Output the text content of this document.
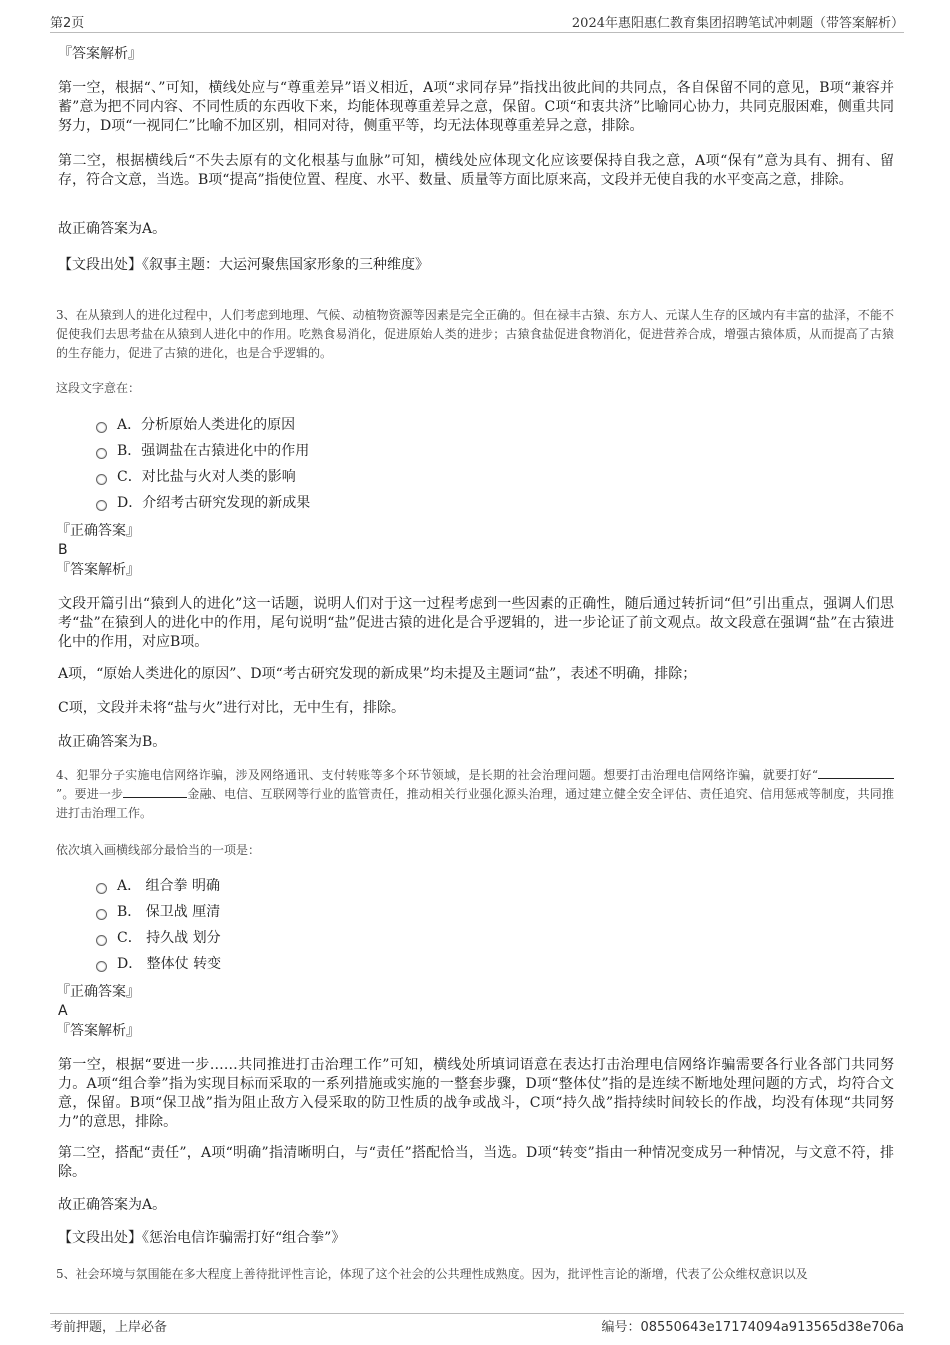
第2页	2024年惠阳惠仁教育集团招聘笔试冲刺题（带答案解析）
『答案解析』

第一空，根据“、”可知，横线处应与“尊重差异”语义相近，A项“求同存异”指找出彼此间的共同点，各自保留不同的意见，B项“兼容并蓄”意为把不同内容、不同性质的东西收下来，均能体现尊重差异之意，保留。C项“和衷共济”比喻同心协力，共同克服困难，侧重共同努力，D项“一视同仁”比喻不加区别，相同对待，侧重平等，均无法体现尊重差异之意，排除。

第二空，根据横线后“不失去原有的文化根基与血脉”可知，横线处应体现文化应该要保持自我之意，A项“保有”意为具有、拥有、留存，符合文意，当选。B项“提高”指使位置、程度、水平、数量、质量等方面比原来高，文段并无使自我的水平变高之意，排除。

故正确答案为A。
【文段出处】《叙事主题：大运河聚焦国家形象的三种维度》

3、在从猿到人的进化过程中，人们考虑到地理、气候、动植物资源等因素是完全正确的。但在禄丰古猿、东方人、元谋人生存的区域内有丰富的盐泽，不能不促使我们去思考盐在从猿到人进化中的作用。吃熟食易消化，促进原始人类的进步；古猿食盐促进食物消化，促进营养合成，增强古猿体质，从而提高了古猿的生存能力，促进了古猿的进化，也是合乎逻辑的。

这段文字意在：
A．分析原始人类进化的原因
B．强调盐在古猿进化中的作用
C．对比盐与火对人类的影响
D．介绍考古研究发现的新成果
『正确答案』
B
『答案解析』

文段开篇引出“猿到人的进化”这一话题，说明人们对于这一过程考虑到一些因素的正确性，随后通过转折词“但”引出重点，强调人们思考“盐”在猿到人的进化中的作用，尾句说明“盐”促进古猿的进化是合乎逻辑的，进一步论证了前文观点。故文段意在强调“盐”在古猿进化中的作用，对应B项。

A项，“原始人类进化的原因”、D项“考古研究发现的新成果”均未提及主题词“盐”，表述不明确，排除；

C项，文段并未将“盐与火”进行对比，无中生有，排除。

故正确答案为B。

4、犯罪分子实施电信网络诈骗，涉及网络通讯、支付转账等多个环节领域，是长期的社会治理问题。想要打击治理电信网络诈骗，就要打好“”。要进一步	金融、电信、互联网等行业的监管责任，推动相关行业强化源头治理，通过建立健全安全评估、责任追究、信用惩戒等制度，共同推进打击治理工作。

依次填入画横线部分最恰当的一项是：
A． 组合拳 明确
B． 保卫战 厘清
C． 持久战 划分
D． 整体仗 转变
『正确答案』
A
『答案解析』

第一空，根据“要进一步……共同推进打击治理工作”可知，横线处所填词语意在表达打击治理电信网络诈骗需要各行业各部门共同努力。A项“组合拳”指为实现目标而采取的一系列措施或实施的一整套步骤，D项“整体仗”指的是连续不断地处理问题的方式，均符合文意，保留。B项“保卫战”指为阻止敌方入侵采取的防卫性质的战争或战斗，C项“持久战”指持续时间较长的作战，均没有体现“共同努力”的意思，排除。

第二空，搭配“责任”，A项“明确”指清晰明白，与“责任”搭配恰当，当选。D项“转变”指由一种情况变成另一种情况，与文意不符，排除。

故正确答案为A。
【文段出处】《惩治电信诈骗需打好“组合拳”》

5、社会环境与氛围能在多大程度上善待批评性言论，体现了这个社会的公共理性成熟度。因为，批评性言论的渐增，代表了公众维权意识以及

考前押题，上岸必备	编号：08550643e17174094a913565d38e706a
